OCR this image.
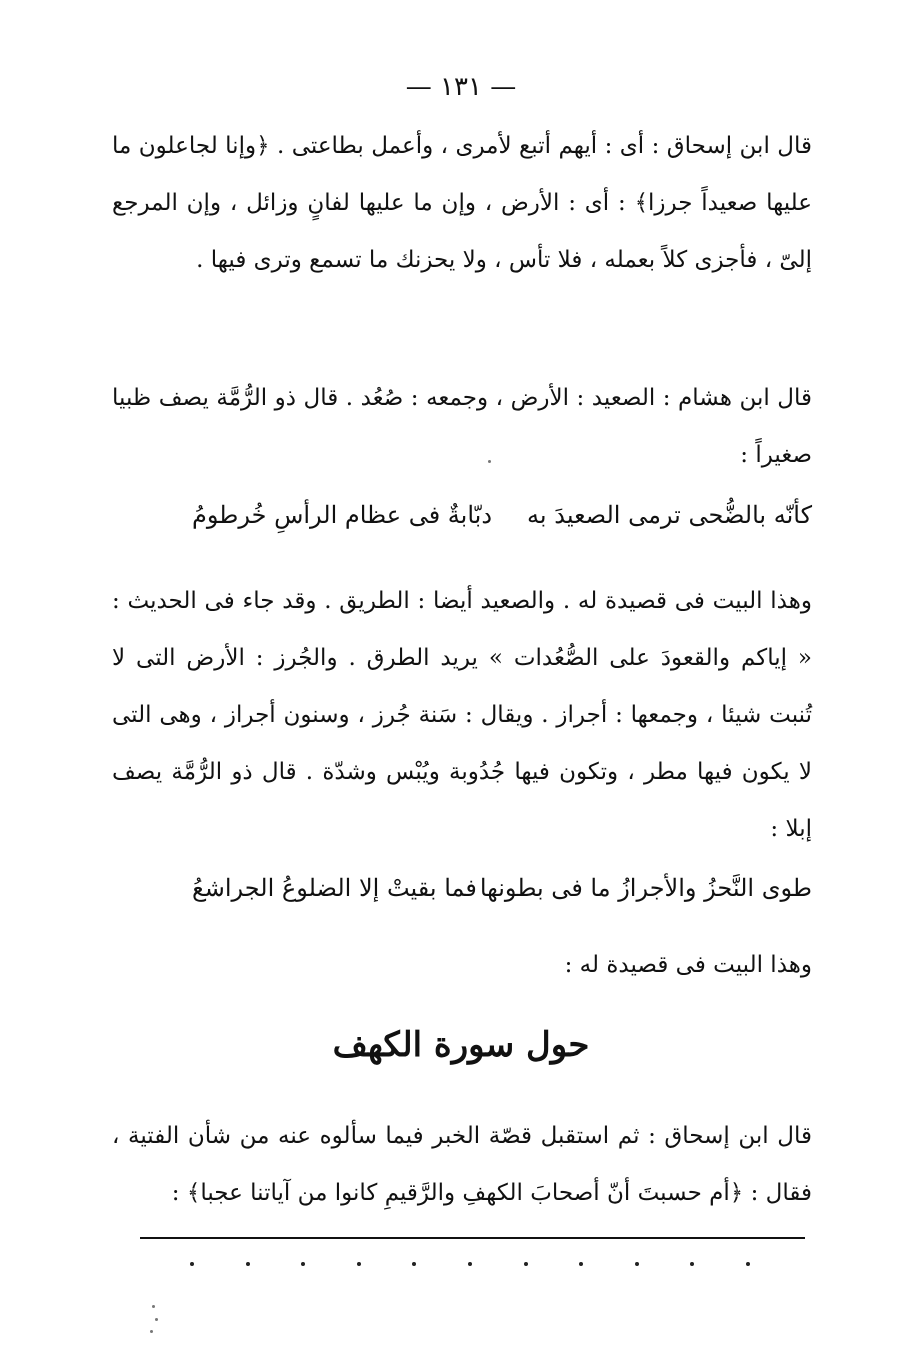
— ١٣١ —
قال ابن إسحاق : أى : أيهم أتبع لأمرى ، وأعمل بطاعتى . ﴿وإنا لجاعلون ما عليها صعيداً جرزا﴾ : أى : الأرض ، وإن ما عليها لفانٍ وزائل ، وإن المرجع إلىّ ، فأجزى كلاً بعمله ، فلا تأس ، ولا يحزنك ما تسمع وترى فيها .
قال ابن هشام : الصعيد : الأرض ، وجمعه : صُعُد . قال ذو الرُّمَّة يصف ظبيا صغيراً :
كأنّه بالضُّحى ترمى الصعيدَ به
دبّابةٌ فى عظام الرأسِ خُرطومُ
وهذا البيت فى قصيدة له . والصعيد أيضا : الطريق . وقد جاء فى الحديث : « إياكم والقعودَ على الصُّعُدات » يريد الطرق . والجُرز : الأرض التى لا تُنبت شيئا ، وجمعها : أجراز . ويقال : سَنة جُرز ، وسنون أجراز ، وهى التى لا يكون فيها مطر ، وتكون فيها جُدُوبة ويُبْس وشدّة . قال ذو الرُّمَّة يصف إبلا :
طوى النَّحزُ والأجرازُ ما فى بطونها
فما بقيتْ إلا الضلوعُ الجراشعُ
وهذا البيت فى قصيدة له :
حول سورة الكهف
قال ابن إسحاق : ثم استقبل قصّة الخبر فيما سألوه عنه من شأن الفتية ، فقال : ﴿أم حسبتَ أنّ أصحابَ الكهفِ والرَّقيمِ كانوا من آياتنا عجبا﴾ :
